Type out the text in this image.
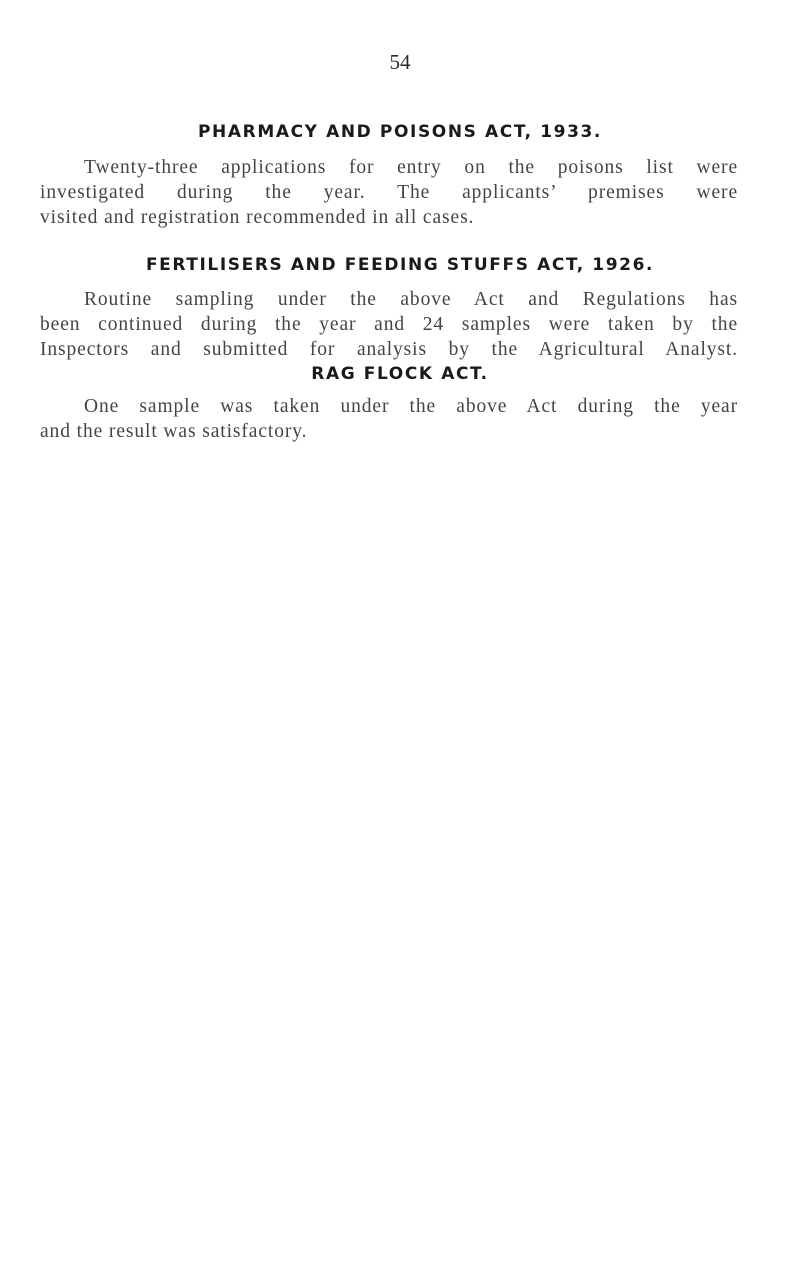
54
PHARMACY AND POISONS ACT, 1933.
Twenty-three applications for entry on the poisons list were
investigated during the year. The applicants’ premises were
visited and registration recommended in all cases.
FERTILISERS AND FEEDING STUFFS ACT, 1926.
Routine sampling under the above Act and Regulations has
been continued during the year and 24 samples were taken by the
Inspectors and submitted for analysis by the Agricultural Analyst.
RAG FLOCK ACT.
One sample was taken under the above Act during the year
and the result was satisfactory.
